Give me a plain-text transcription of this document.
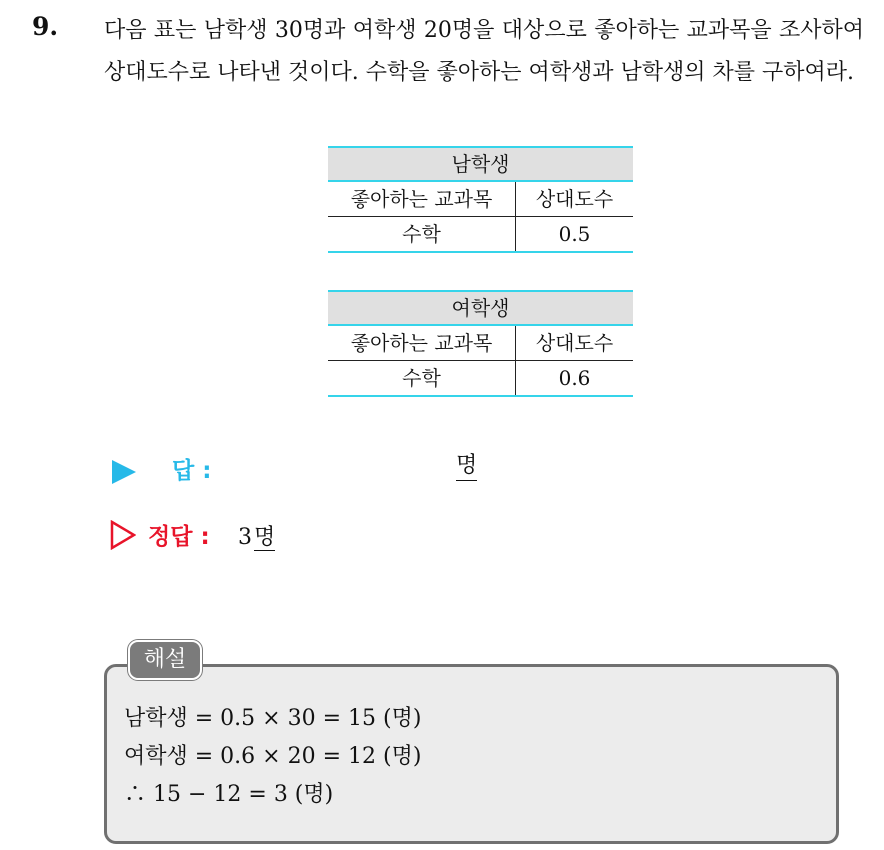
9. 다음 표는 남학생 30명과 여학생 20명을 대상으로 좋아하는 교과목을 조사하여 상대도수로 나타낸 것이다. 수학을 좋아하는 여학생과 남학생의 차를 구하여라.
남학생
좋아하는 교과목	상대도수
수학	0.5
여학생
좋아하는 교과목	상대도수
수학	0.6
답 :	명
정답 : 3명
해설
남학생 = 0.5 × 30 = 15 (명)
여학생 = 0.6 × 20 = 12 (명)
∴ 15 − 12 = 3 (명)
